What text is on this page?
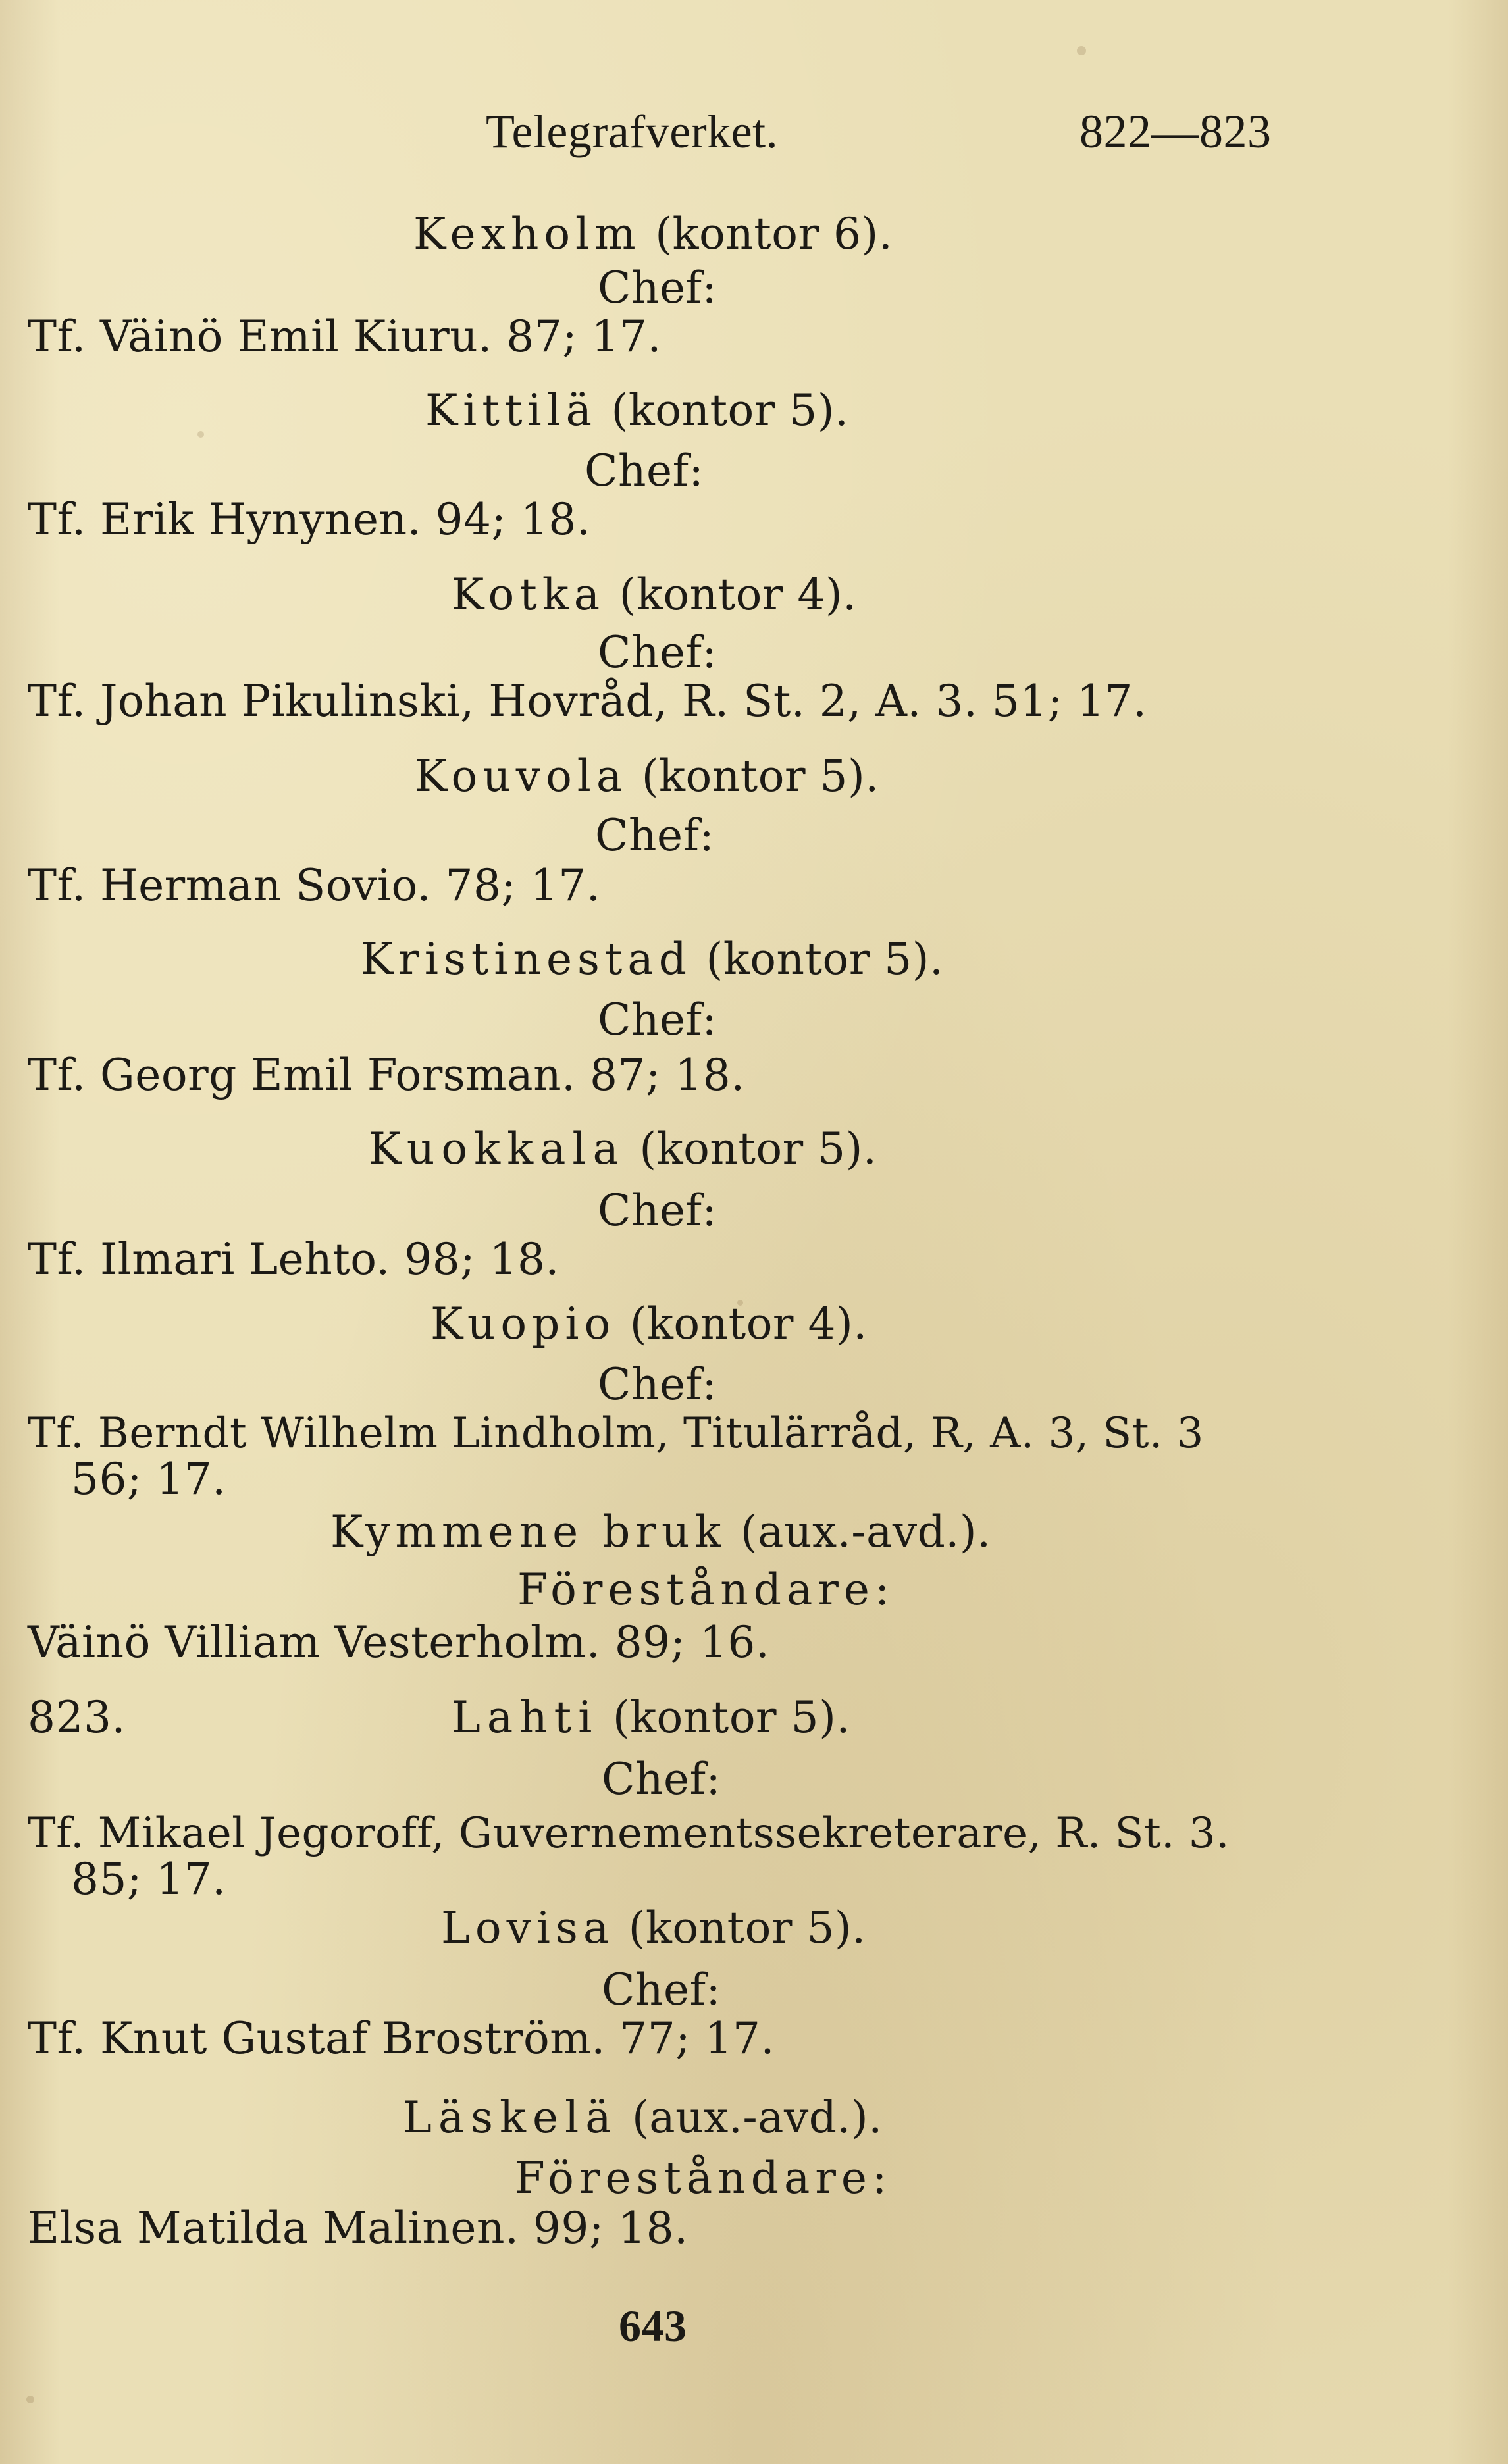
Telegrafverket.	822—823
Kexholm (kontor 6).
Chef:
Tf. Väinö Emil Kiuru. 87; 17.
Kittilä (kontor 5).
Chef:
Tf. Erik Hynynen. 94; 18.
Kotka (kontor 4).
Chef:
Tf. Johan Pikulinski, Hovråd, R. St. 2, A. 3. 51; 17.
Kouvola (kontor 5).
Chef:
Tf. Herman Sovio. 78; 17.
Kristinestad (kontor 5).
Chef:
Tf. Georg Emil Forsman. 87; 18.
Kuokkala (kontor 5).
Chef:
Tf. Ilmari Lehto. 98; 18.
Kuopio (kontor 4).
Chef:
Tf. Berndt Wilhelm Lindholm, Titulärråd, R, A. 3, St. 3
56; 17.
Kymmene bruk (aux.-avd.).
Föreståndare:
Väinö Villiam Vesterholm. 89; 16.
823.	Lahti (kontor 5).
Chef:
Tf. Mikael Jegoroff, Guvernementssekreterare, R. St. 3.
85; 17.
Lovisa (kontor 5).
Chef:
Tf. Knut Gustaf Broström. 77; 17.
Läskelä (aux.-avd.).
Föreståndare:
Elsa Matilda Malinen. 99; 18.
643
